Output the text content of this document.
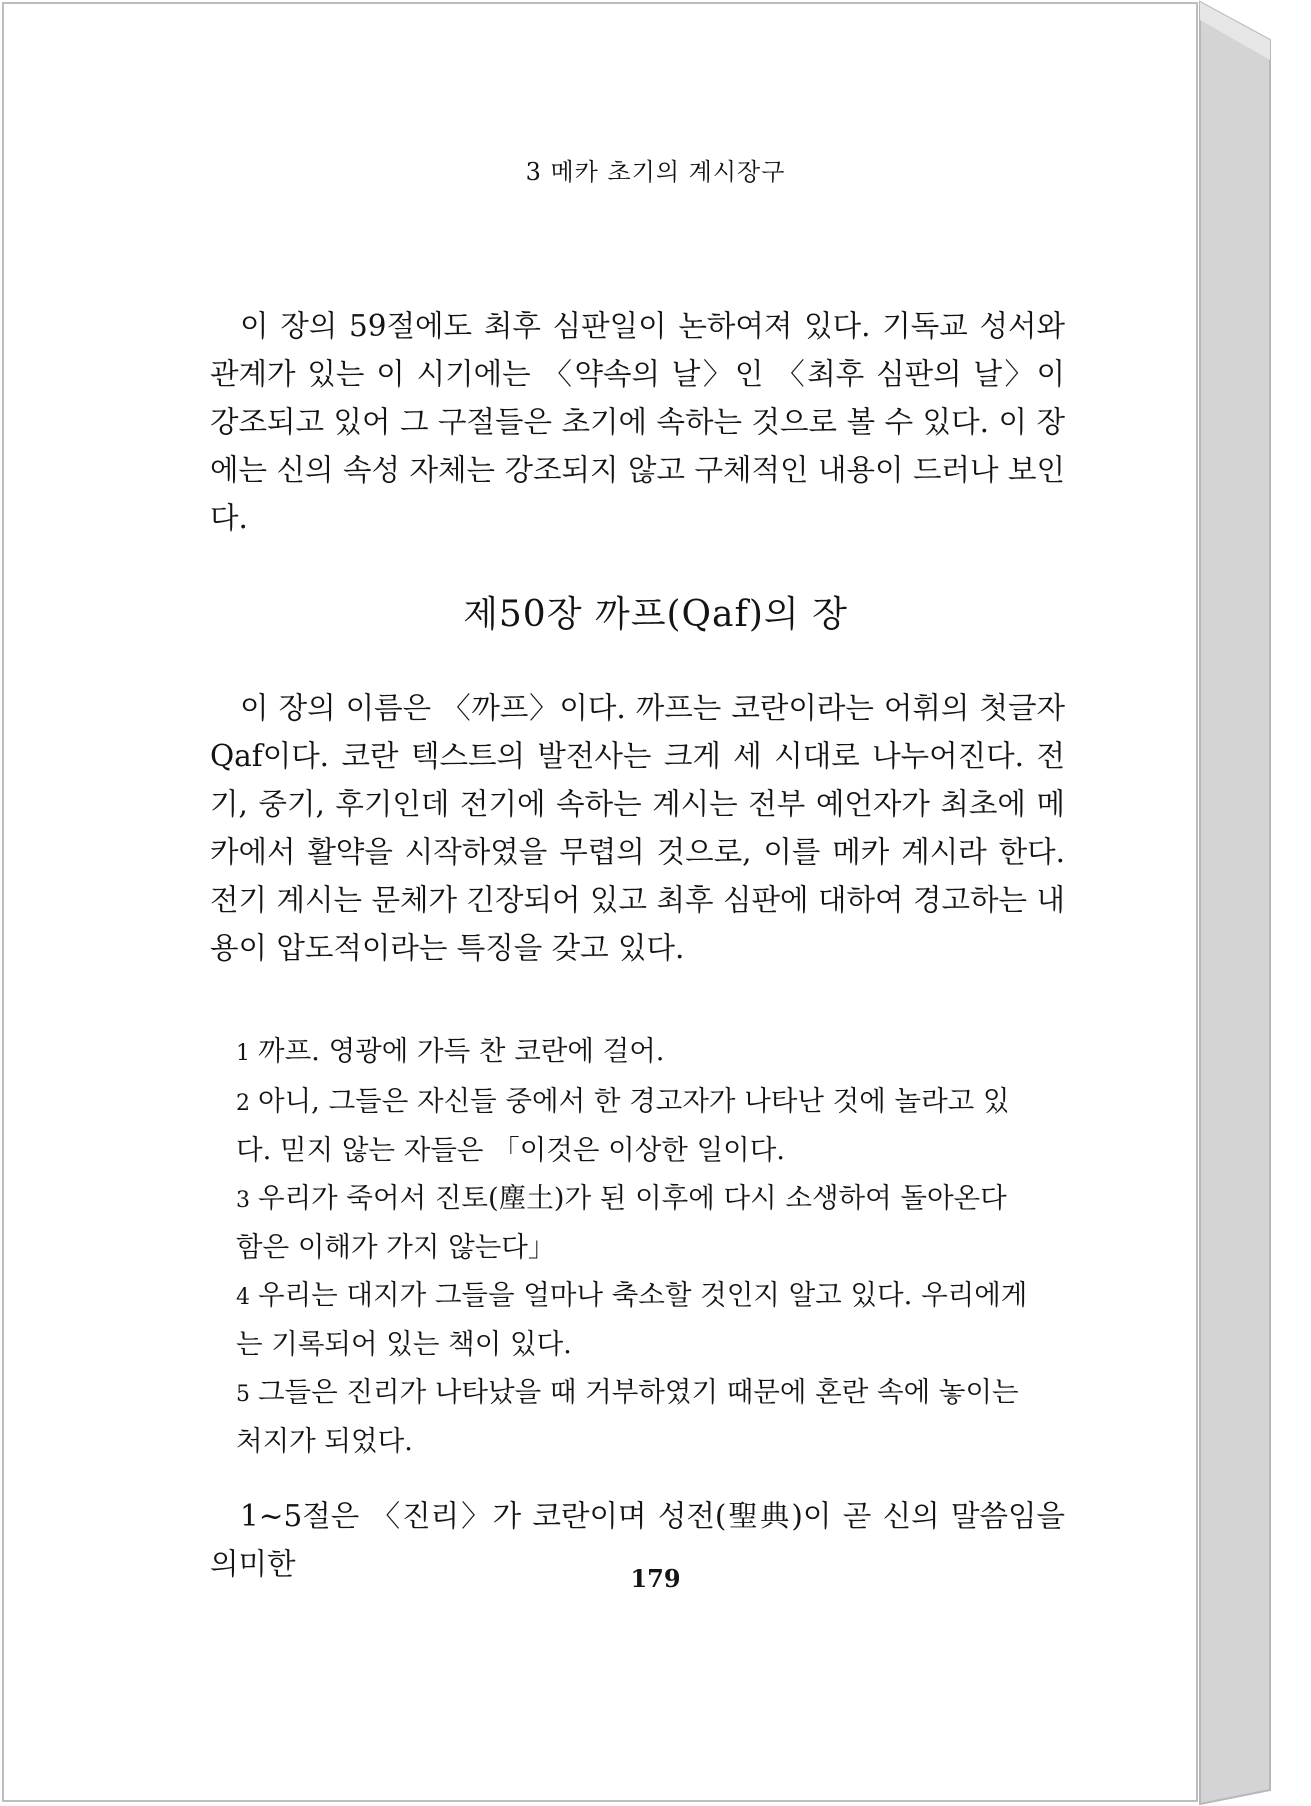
3 메카 초기의 계시장구

이 장의 59절에도 최후 심판일이 논하여져 있다. 기독교 성서와 관계가 있는 이 시기에는 〈약속의 날〉인 〈최후 심판의 날〉이 강조되고 있어 그 구절들은 초기에 속하는 것으로 볼 수 있다. 이 장에는 신의 속성 자체는 강조되지 않고 구체적인 내용이 드러나 보인다.

제50장 까프(Qaf)의 장

이 장의 이름은 〈까프〉이다. 까프는 코란이라는 어휘의 첫글자 Qaf이다. 코란 텍스트의 발전사는 크게 세 시대로 나누어진다. 전기, 중기, 후기인데 전기에 속하는 계시는 전부 예언자가 최초에 메카에서 활약을 시작하였을 무렵의 것으로, 이를 메카 계시라 한다. 전기 계시는 문체가 긴장되어 있고 최후 심판에 대하여 경고하는 내용이 압도적이라는 특징을 갖고 있다.

1 까프. 영광에 가득 찬 코란에 걸어.

2 아니, 그들은 자신들 중에서 한 경고자가 나타난 것에 놀라고 있다. 믿지 않는 자들은 「이것은 이상한 일이다.

3 우리가 죽어서 진토(塵土)가 된 이후에 다시 소생하여 돌아온다 함은 이해가 가지 않는다」

4 우리는 대지가 그들을 얼마나 축소할 것인지 알고 있다. 우리에게는 기록되어 있는 책이 있다.

5 그들은 진리가 나타났을 때 거부하였기 때문에 혼란 속에 놓이는 처지가 되었다.

1~5절은 〈진리〉가 코란이며 성전(聖典)이 곧 신의 말씀임을 의미한	179
